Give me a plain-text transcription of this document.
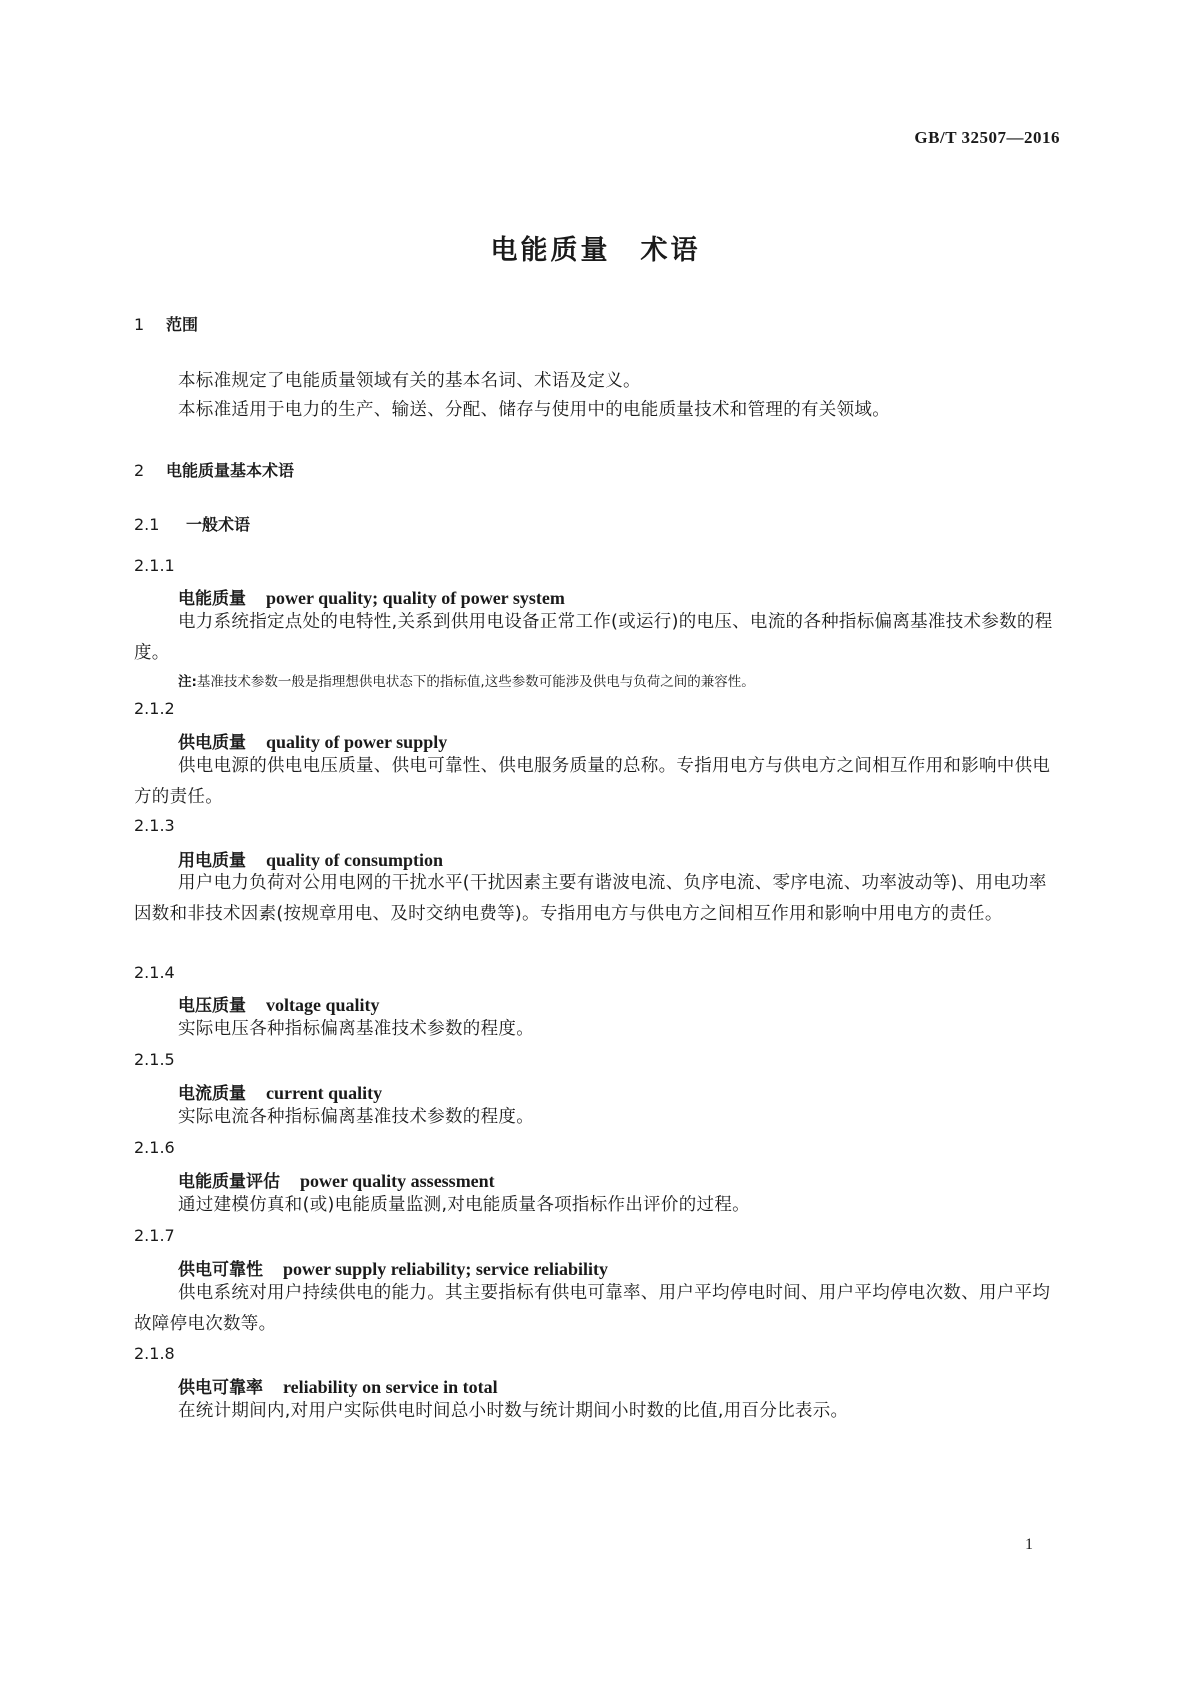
GB/T 32507—2016
电能质量　术语
1 范围
本标准规定了电能质量领域有关的基本名词、术语及定义。
本标准适用于电力的生产、输送、分配、储存与使用中的电能质量技术和管理的有关领域。
2 电能质量基本术语
2.1 一般术语
2.1.1
电能质量 power quality; quality of power system
电力系统指定点处的电特性,关系到供用电设备正常工作(或运行)的电压、电流的各种指标偏离基准技术参数的程度。
注:基准技术参数一般是指理想供电状态下的指标值,这些参数可能涉及供电与负荷之间的兼容性。
2.1.2
供电质量 quality of power supply
供电电源的供电电压质量、供电可靠性、供电服务质量的总称。专指用电方与供电方之间相互作用和影响中供电方的责任。
2.1.3
用电质量 quality of consumption
用户电力负荷对公用电网的干扰水平(干扰因素主要有谐波电流、负序电流、零序电流、功率波动等)、用电功率因数和非技术因素(按规章用电、及时交纳电费等)。专指用电方与供电方之间相互作用和影响中用电方的责任。
2.1.4
电压质量 voltage quality
实际电压各种指标偏离基准技术参数的程度。
2.1.5
电流质量 current quality
实际电流各种指标偏离基准技术参数的程度。
2.1.6
电能质量评估 power quality assessment
通过建模仿真和(或)电能质量监测,对电能质量各项指标作出评价的过程。
2.1.7
供电可靠性 power supply reliability; service reliability
供电系统对用户持续供电的能力。其主要指标有供电可靠率、用户平均停电时间、用户平均停电次数、用户平均故障停电次数等。
2.1.8
供电可靠率 reliability on service in total
在统计期间内,对用户实际供电时间总小时数与统计期间小时数的比值,用百分比表示。
1
